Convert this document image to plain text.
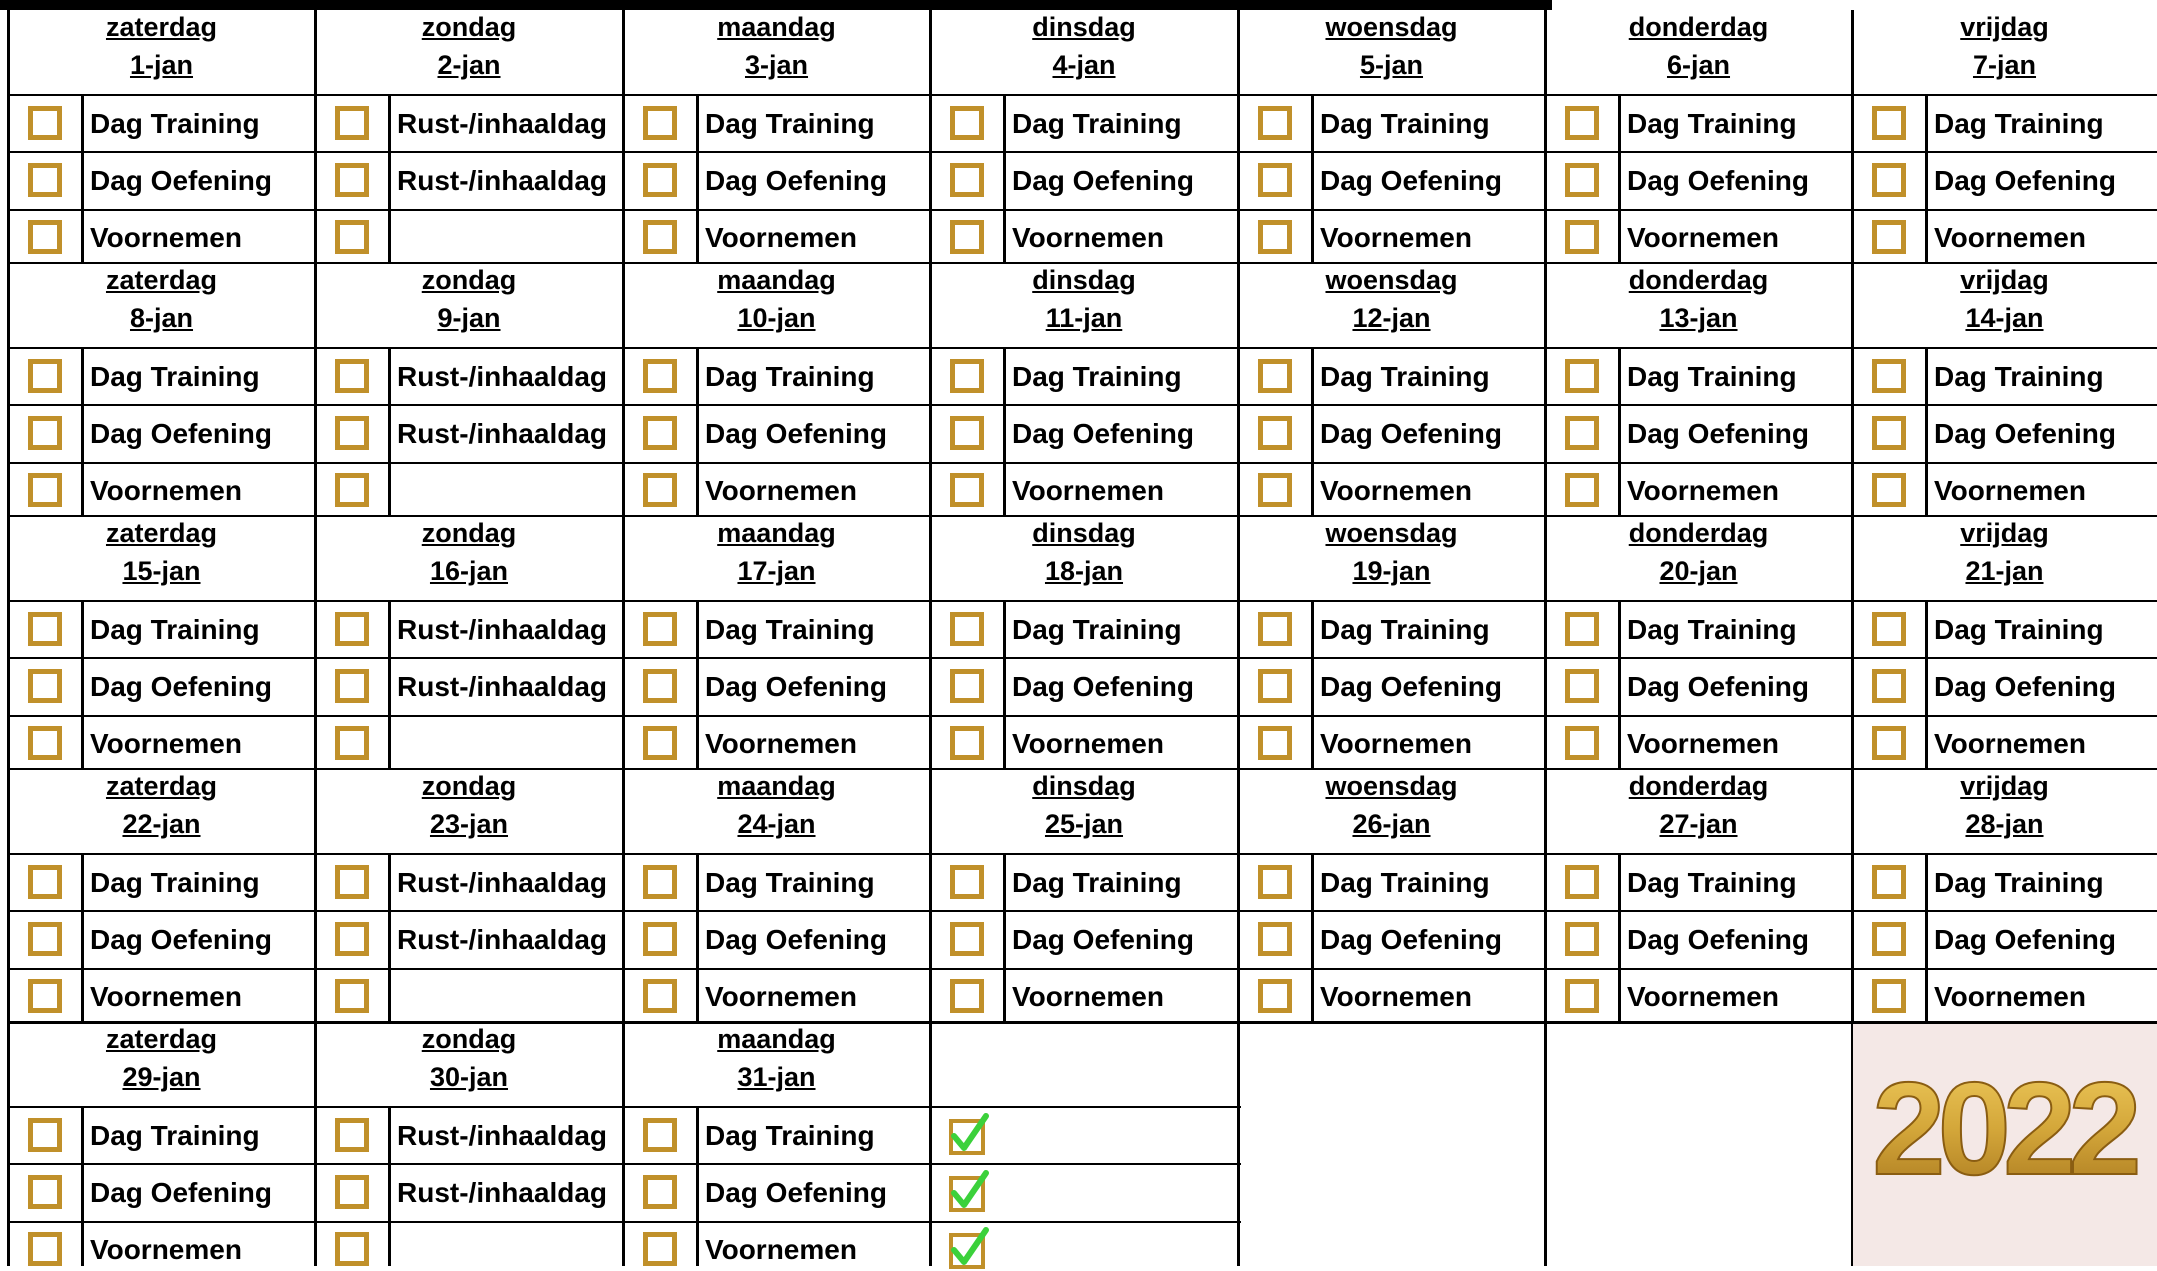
zaterdag
1-jan
Dag Training
Dag Oefening
Voornemen
zondag
2-jan
Rust-/inhaaldag
Rust-/inhaaldag
maandag
3-jan
Dag Training
Dag Oefening
Voornemen
dinsdag
4-jan
Dag Training
Dag Oefening
Voornemen
woensdag
5-jan
Dag Training
Dag Oefening
Voornemen
donderdag
6-jan
Dag Training
Dag Oefening
Voornemen
vrijdag
7-jan
Dag Training
Dag Oefening
Voornemen
zaterdag
8-jan
Dag Training
Dag Oefening
Voornemen
zondag
9-jan
Rust-/inhaaldag
Rust-/inhaaldag
maandag
10-jan
Dag Training
Dag Oefening
Voornemen
dinsdag
11-jan
Dag Training
Dag Oefening
Voornemen
woensdag
12-jan
Dag Training
Dag Oefening
Voornemen
donderdag
13-jan
Dag Training
Dag Oefening
Voornemen
vrijdag
14-jan
Dag Training
Dag Oefening
Voornemen
zaterdag
15-jan
Dag Training
Dag Oefening
Voornemen
zondag
16-jan
Rust-/inhaaldag
Rust-/inhaaldag
maandag
17-jan
Dag Training
Dag Oefening
Voornemen
dinsdag
18-jan
Dag Training
Dag Oefening
Voornemen
woensdag
19-jan
Dag Training
Dag Oefening
Voornemen
donderdag
20-jan
Dag Training
Dag Oefening
Voornemen
vrijdag
21-jan
Dag Training
Dag Oefening
Voornemen
zaterdag
22-jan
Dag Training
Dag Oefening
Voornemen
zondag
23-jan
Rust-/inhaaldag
Rust-/inhaaldag
maandag
24-jan
Dag Training
Dag Oefening
Voornemen
dinsdag
25-jan
Dag Training
Dag Oefening
Voornemen
woensdag
26-jan
Dag Training
Dag Oefening
Voornemen
donderdag
27-jan
Dag Training
Dag Oefening
Voornemen
vrijdag
28-jan
Dag Training
Dag Oefening
Voornemen
zaterdag
29-jan
Dag Training
Dag Oefening
Voornemen
zondag
30-jan
Rust-/inhaaldag
Rust-/inhaaldag
maandag
31-jan
Dag Training
Dag Oefening
Voornemen
2022
